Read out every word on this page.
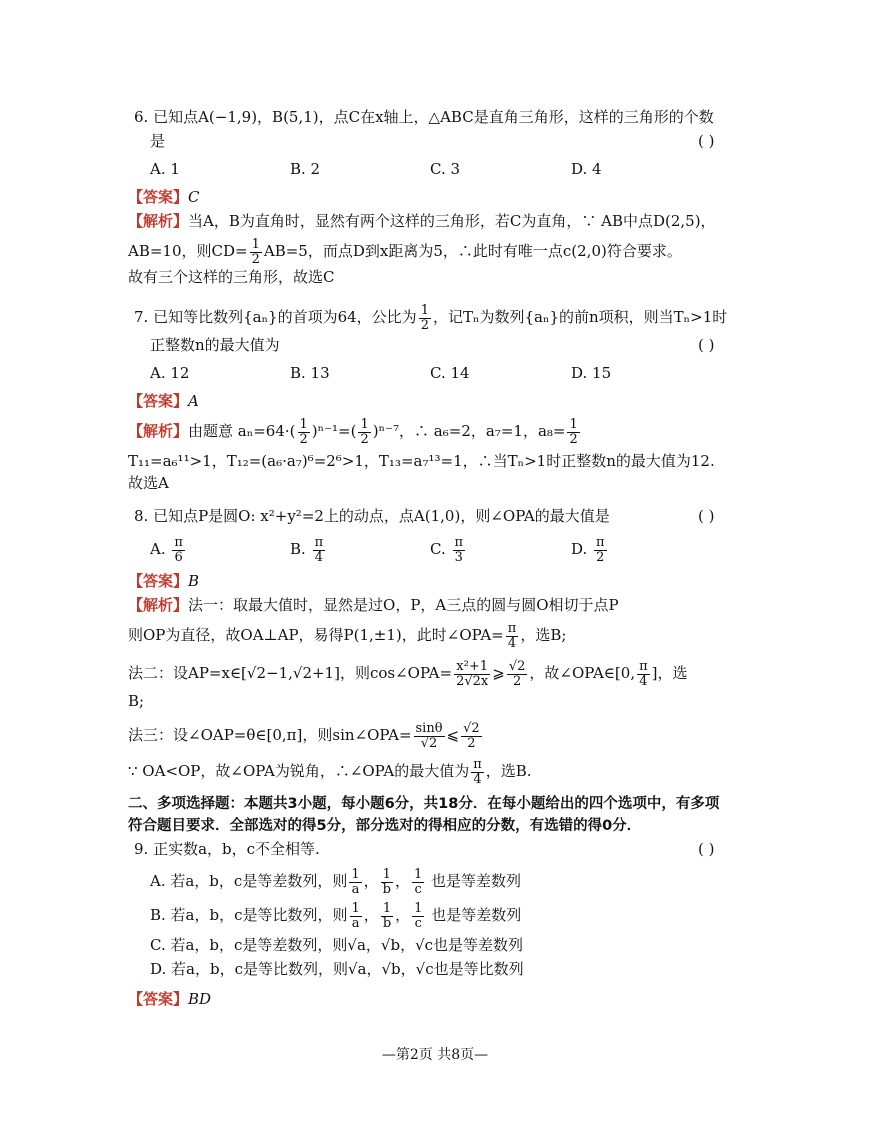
6. 已知点A(−1,9)，B(5,1)，点C在x轴上，△ABC是直角三角形，这样的三角形的个数
是	( )
A. 1	B. 2	C. 3	D. 4
【答案】C
【解析】当A，B为直角时，显然有两个这样的三角形，若C为直角，∵ AB中点D(2,5)，
AB=10，则$CD= \frac{1}{2} AB=5$，而点D到x距离为5，∴此时有唯一点c(2,0)符合要求。
故有三个这样的三角形，故选C
7. 已知等比数列{aₙ}的首项为64，公比为 $\frac{1}{2}$ ，记Tₙ为数列{aₙ}的前n项积，则当Tₙ>1时
正整数n的最大值为	( )
A. 12	B. 13	C. 14	D. 15
【答案】A
【解析】由题意 $a_n=64\cdot( \frac{1}{2} )^{n-1}=( \frac{1}{2} )^{n-7}$，∴ a₆=2，a₇=1，$a_8= \frac{1}{2}$
T₁₁=a₆¹¹>1，T₁₂=(a₆·a₇)⁶=2⁶>1，T₁₃=a₇¹³=1，∴当Tₙ>1时正整数n的最大值为12.
故选A
8. 已知点P是圆O: x²+y²=2上的动点，点A(1,0)，则∠OPA的最大值是	( )
A. $\frac{\pi}{6}$	B. $\frac{\pi}{4}$	C. $\frac{\pi}{3}$	D. $\frac{\pi}{2}$
【答案】B
【解析】法一：取最大值时，显然是过O，P，A三点的圆与圆O相切于点P
则OP为直径，故OA⊥AP，易得P(1,±1)，此时∠OPA= $\frac{\pi}{4}$ ，选B;
法二：设AP=x∈[√2−1,√2+1]，则cos∠OPA= $\frac{\text{x²+1}}{2√2x}$ ⩾ $\frac{√2}{2}$ ，故∠OPA∈[0, $\frac{\pi}{4}$ ]，选
B;
法三：设∠OAP=θ∈[0,π]，则sin∠OPA= $\frac{\sin\theta}{√2}$ ⩽ $\frac{√2}{2}$
∵ OA<OP，故∠OPA为锐角，∴∠OPA的最大值为 $\frac{\pi}{4}$ ，选B.
二、多项选择题：本题共3小题，每小题6分，共18分．在每小题给出的四个选项中，有多项
符合题目要求．全部选对的得5分，部分选对的得相应的分数，有选错的得0分．
9. 正实数a，b，c不全相等.	( )
A. 若a，b，c是等差数列，则 $\frac{1}{a}$ ， $\frac{1}{b}$ ， $\frac{1}{c}$ 也是等差数列
B. 若a，b，c是等比数列，则 $\frac{1}{a}$ ， $\frac{1}{b}$ ， $\frac{1}{c}$ 也是等差数列
C. 若a，b，c是等差数列，则√a，√b，√c也是等差数列
D. 若a，b，c是等比数列，则√a，√b，√c也是等比数列
【答案】BD
—第2页 共8页—
